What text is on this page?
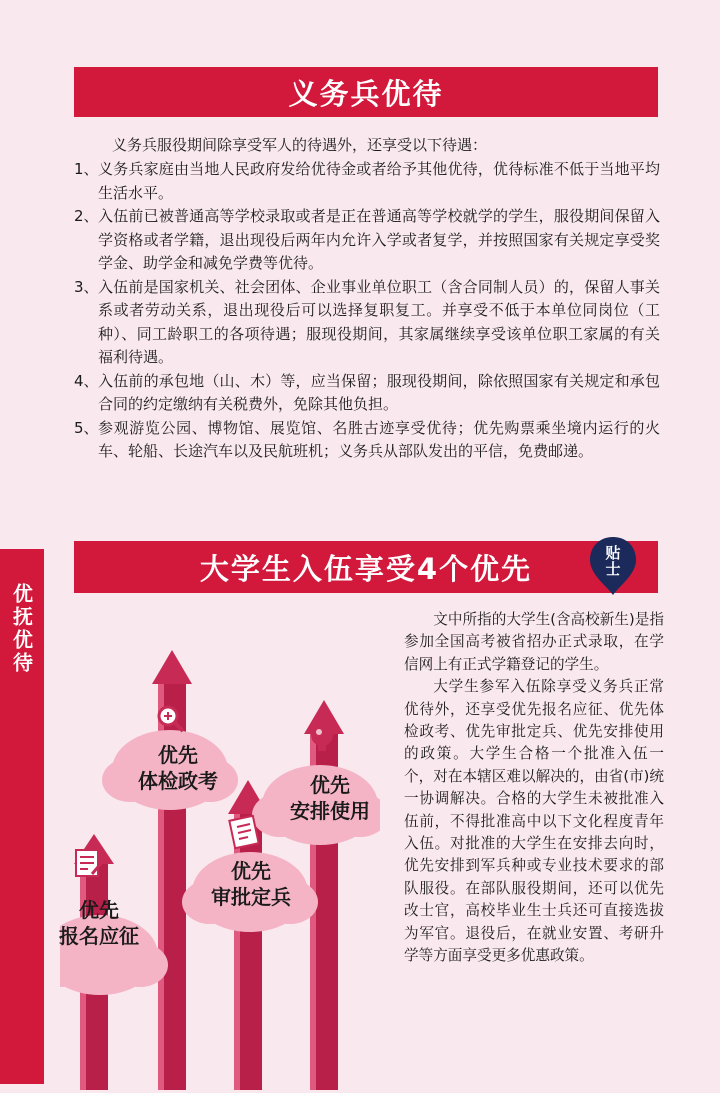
义务兵优待
义务兵服役期间除享受军人的待遇外，还享受以下待遇：
1、 义务兵家庭由当地人民政府发给优待金或者给予其他优待，优待标准不低于当地平均生活水平。
2、 入伍前已被普通高等学校录取或者是正在普通高等学校就学的学生，服役期间保留入学资格或者学籍，退出现役后两年内允许入学或者复学，并按照国家有关规定享受奖学金、助学金和减免学费等优待。
3、 入伍前是国家机关、社会团体、企业事业单位职工（含合同制人员）的，保留人事关系或者劳动关系，退出现役后可以选择复职复工。并享受不低于本单位同岗位（工种）、同工龄职工的各项待遇；服现役期间，其家属继续享受该单位职工家属的有关福利待遇。
4、 入伍前的承包地（山、木）等，应当保留；服现役期间，除依照国家有关规定和承包合同的约定缴纳有关税费外，免除其他负担。
5、 参观游览公园、博物馆、展览馆、名胜古迹享受优待；优先购票乘坐境内运行的火车、轮船、长途汽车以及民航班机；义务兵从部队发出的平信，免费邮递。
优抚优待
大学生入伍享受4个优先	贴
士

文中所指的大学生(含高校新生)是指参加全国高考被省招办正式录取，在学信网上有正式学籍登记的学生。

大学生参军入伍除享受义务兵正常优待外，还享受优先报名应征、优先体检政考、优先审批定兵、优先安排使用的政策。大学生合格一个批准入伍一个，对在本辖区难以解决的，由省(市)统一协调解决。合格的大学生未被批准入伍前，不得批准高中以下文化程度青年入伍。对批准的大学生在安排去向时，优先安排到军兵种或专业技术要求的部队服役。在部队服役期间，还可以优先改士官，高校毕业生士兵还可直接选拔为军官。退役后，在就业安置、考研升学等方面享受更多优惠政策。

优先
报名应征
优先
体检政考
优先
审批定兵
优先
安排使用
